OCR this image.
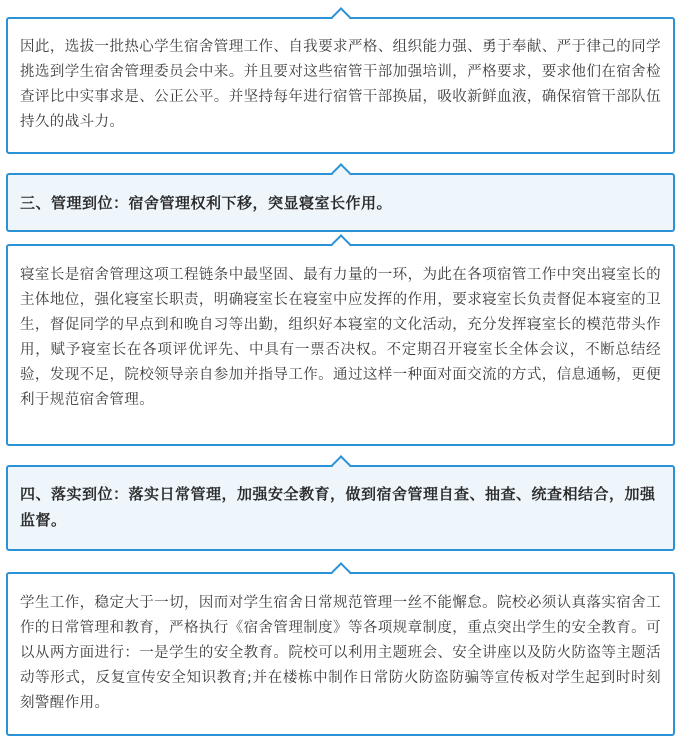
因此，选拔一批热心学生宿舍管理工作、自我要求严格、组织能力强、勇于奉献、严于律己的同学挑选到学生宿舍管理委员会中来。并且要对这些宿管干部加强培训，严格要求，要求他们在宿舍检查评比中实事求是、公正公平。并坚持每年进行宿管干部换届，吸收新鲜血液，确保宿管干部队伍持久的战斗力。

三、管理到位：宿舍管理权利下移，突显寝室长作用。

寝室长是宿舍管理这项工程链条中最坚固、最有力量的一环，为此在各项宿管工作中突出寝室长的主体地位，强化寝室长职责，明确寝室长在寝室中应发挥的作用，要求寝室长负责督促本寝室的卫生，督促同学的早点到和晚自习等出勤，组织好本寝室的文化活动，充分发挥寝室长的模范带头作用，赋予寝室长在各项评优评先、中具有一票否决权。不定期召开寝室长全体会议，不断总结经验，发现不足，院校领导亲自参加并指导工作。通过这样一种面对面交流的方式，信息通畅，更便利于规范宿舍管理。

四、落实到位：落实日常管理，加强安全教育，做到宿舍管理自查、抽查、统查相结合，加强监督。

学生工作，稳定大于一切，因而对学生宿舍日常规范管理一丝不能懈怠。院校必须认真落实宿舍工作的日常管理和教育，严格执行《宿舍管理制度》等各项规章制度，重点突出学生的安全教育。可以从两方面进行：一是学生的安全教育。院校可以利用主题班会、安全讲座以及防火防盗等主题活动等形式，反复宣传安全知识教育;并在楼栋中制作日常防火防盗防骗等宣传板对学生起到时时刻刻警醒作用。
